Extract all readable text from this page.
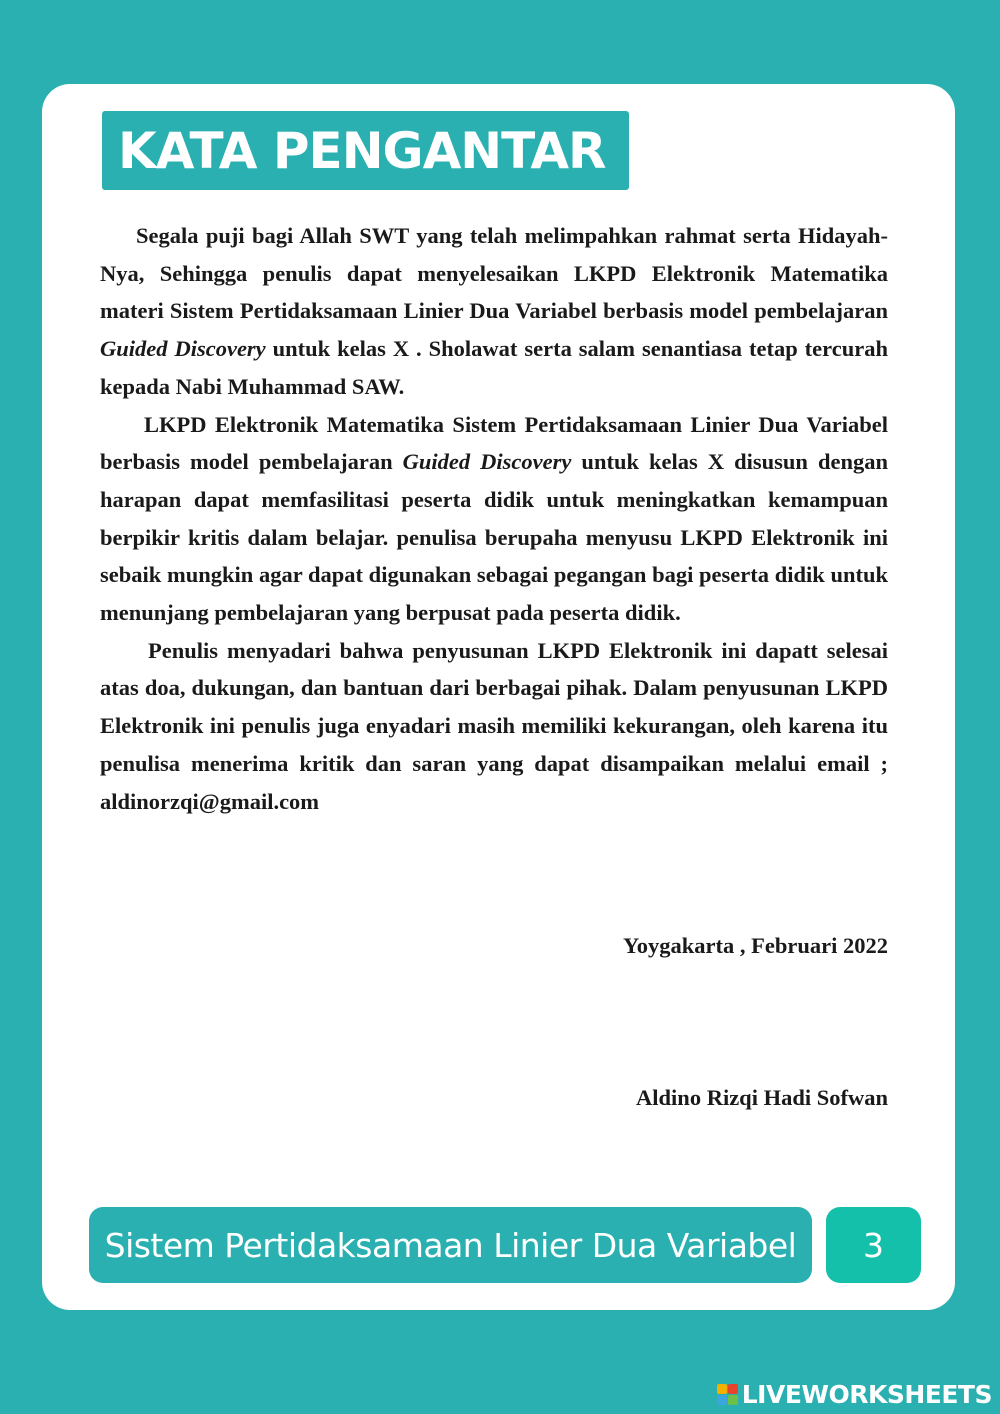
KATA PENGANTAR

Segala puji bagi Allah SWT yang telah melimpahkan rahmat serta Hidayah-Nya, Sehingga penulis dapat menyelesaikan LKPD Elektronik Matematika materi Sistem Pertidaksamaan Linier Dua Variabel berbasis model pembelajaran Guided Discovery untuk kelas X . Sholawat serta salam senantiasa tetap tercurah kepada Nabi Muhammad SAW.

LKPD Elektronik Matematika Sistem Pertidaksamaan Linier Dua Variabel berbasis model pembelajaran Guided Discovery untuk kelas X disusun dengan harapan dapat memfasilitasi peserta didik untuk meningkatkan kemampuan berpikir kritis dalam belajar. penulisa berupaha menyusu LKPD Elektronik ini sebaik mungkin agar dapat digunakan sebagai pegangan bagi peserta didik untuk menunjang pembelajaran yang berpusat pada peserta didik.

Penulis menyadari bahwa penyusunan LKPD Elektronik ini dapatt selesai atas doa, dukungan, dan bantuan dari berbagai pihak. Dalam penyusunan LKPD Elektronik ini penulis juga enyadari masih memiliki kekurangan, oleh karena itu penulisa menerima kritik dan saran yang dapat disampaikan melalui email ; aldinorzqi@gmail.com

Yoygakarta , Februari 2022
Aldino Rizqi Hadi Sofwan
Sistem Pertidaksamaan Linier Dua Variabel 3
LIVEWORKSHEETS
